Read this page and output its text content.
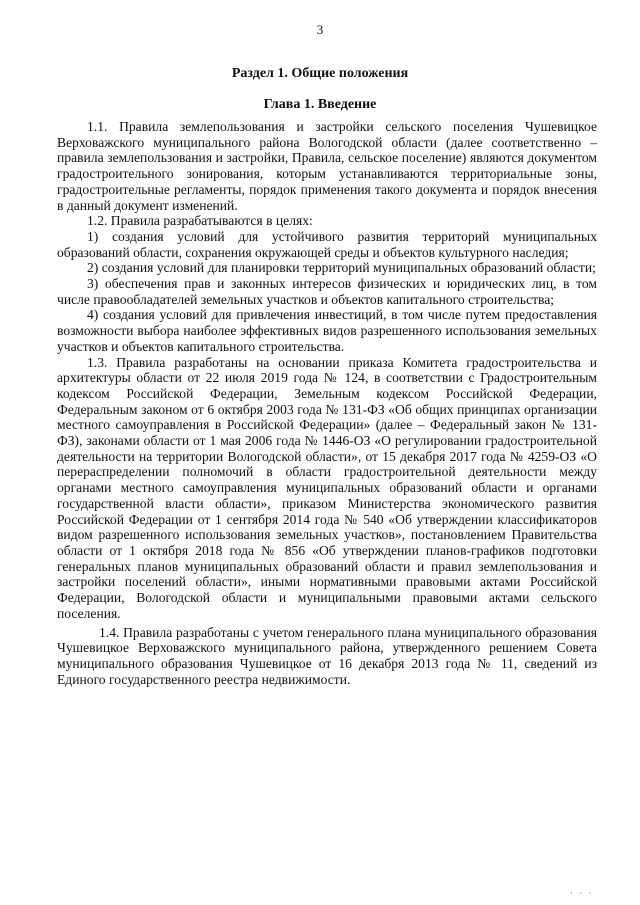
3
Раздел 1. Общие положения
Глава 1. Введение

1.1. Правила землепользования и застройки сельского поселения Чушевицкое Верховажского муниципального района Вологодской области (далее соответственно – правила землепользования и застройки, Правила, сельское поселение) являются документом градостроительного зонирования, которым устанавливаются территориальные зоны, градостроительные регламенты, порядок применения такого документа и порядок внесения в данный документ изменений.

1.2. Правила разрабатываются в целях:

1) создания условий для устойчивого развития территорий муниципальных образований области, сохранения окружающей среды и объектов культурного наследия;

2) создания условий для планировки территорий муниципальных образований области;

3) обеспечения прав и законных интересов физических и юридических лиц, в том числе правообладателей земельных участков и объектов капитального строительства;

4) создания условий для привлечения инвестиций, в том числе путем предоставления возможности выбора наиболее эффективных видов разрешенного использования земельных участков и объектов капитального строительства.

1.3. Правила разработаны на основании приказа Комитета градостроительства и архитектуры области от 22 июля 2019 года № 124, в соответствии с Градостроительным кодексом Российской Федерации, Земельным кодексом Российской Федерации, Федеральным законом от 6 октября 2003 года № 131-ФЗ «Об общих принципах организации местного самоуправления в Российской Федерации» (далее – Федеральный закон № 131-ФЗ), законами области от 1 мая 2006 года № 1446-ОЗ «О регулировании градостроительной деятельности на территории Вологодской области», от 15 декабря 2017 года № 4259-ОЗ «О перераспределении полномочий в области градостроительной деятельности между органами местного самоуправления муниципальных образований области и органами государственной власти области», приказом Министерства экономического развития Российской Федерации от 1 сентября 2014 года № 540 «Об утверждении классификаторов видом разрешенного использования земельных участков», постановлением Правительства области от 1 октября 2018 года № 856 «Об утверждении планов-графиков подготовки генеральных планов муниципальных образований области и правил землепользования и застройки поселений области», иными нормативными правовыми актами Российской Федерации, Вологодской области и муниципальными правовыми актами сельского поселения.

1.4. Правила разработаны с учетом генерального плана муниципального образования Чушевицкое Верховажского муниципального района, утвержденного решением Совета муниципального образования Чушевицкое от 16 декабря 2013 года № 11, сведений из Единого государственного реестра недвижимости.

· · ·
